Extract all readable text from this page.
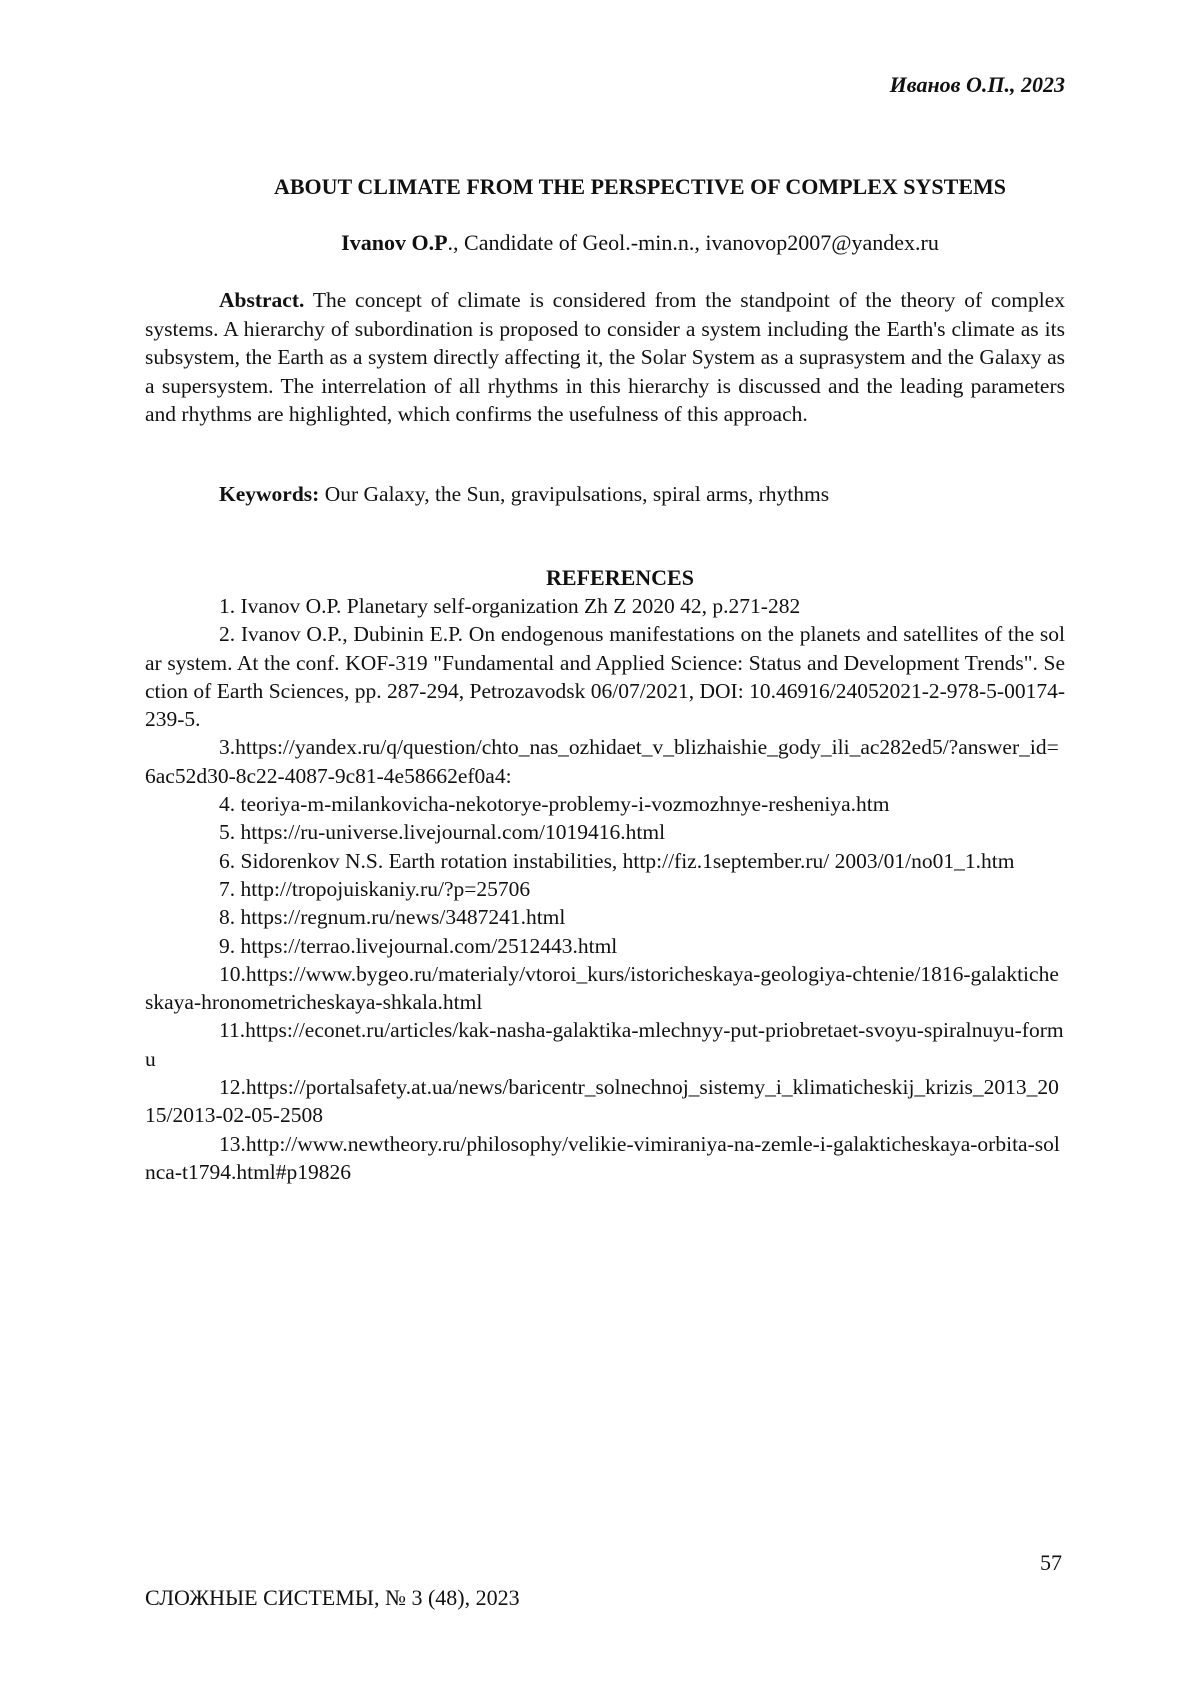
Иванов О.П., 2023
ABOUT CLIMATE FROM THE PERSPECTIVE OF COMPLEX SYSTEMS
Ivanov O.P., Candidate of Geol.-min.n., ivanovop2007@yandex.ru

Abstract. The concept of climate is considered from the standpoint of the theory of complex systems. A hierarchy of subordination is proposed to consider a system including the Earth's climate as its subsystem, the Earth as a system directly affecting it, the Solar System as a suprasystem and the Galaxy as a supersystem. The interrelation of all rhythms in this hierarchy is discussed and the leading parameters and rhythms are highlighted, which confirms the usefulness of this approach.

Keywords: Our Galaxy, the Sun, gravipulsations, spiral arms, rhythms

REFERENCES

1. Ivanov O.P. Planetary self-organization Zh Z 2020 42, p.271-282

2. Ivanov O.P., Dubinin E.P. On endogenous manifestations on the planets and satellites of the solar system. At the conf. KOF-319 "Fundamental and Applied Science: Status and Development Trends". Section of Earth Sciences, pp. 287-294, Petrozavodsk 06/07/2021, DOI: 10.46916/24052021-2-978-5-00174-239-5.

3.https://yandex.ru/q/question/chto_nas_ozhidaet_v_blizhaishie_gody_ili_ac282ed5/?answer_id=6ac52d30-8c22-4087-9c81-4e58662ef0a4:

4. teoriya-m-milankovicha-nekotorye-problemy-i-vozmozhnye-resheniya.htm

5. https://ru-universe.livejournal.com/1019416.html

6. Sidorenkov N.S. Earth rotation instabilities, http://fiz.1september.ru/ 2003/01/no01_1.htm

7. http://tropojuiskaniy.ru/?p=25706

8. https://regnum.ru/news/3487241.html

9. https://terrao.livejournal.com/2512443.html

10.https://www.bygeo.ru/materialy/vtoroi_kurs/istoricheskaya-geologiya-chtenie/1816-galakticheskaya-hronometricheskaya-shkala.html

11.https://econet.ru/articles/kak-nasha-galaktika-mlechnyy-put-priobretaet-svoyu-spiralnuyu-formu

12.https://portalsafety.at.ua/news/baricentr_solnechnoj_sistemy_i_klimaticheskij_krizis_2013_2015/2013-02-05-2508

13.http://www.newtheory.ru/philosophy/velikie-vimiraniya-na-zemle-i-galakticheskaya-orbita-solnca-t1794.html#p19826

57
СЛОЖНЫЕ СИСТЕМЫ, № 3 (48), 2023
